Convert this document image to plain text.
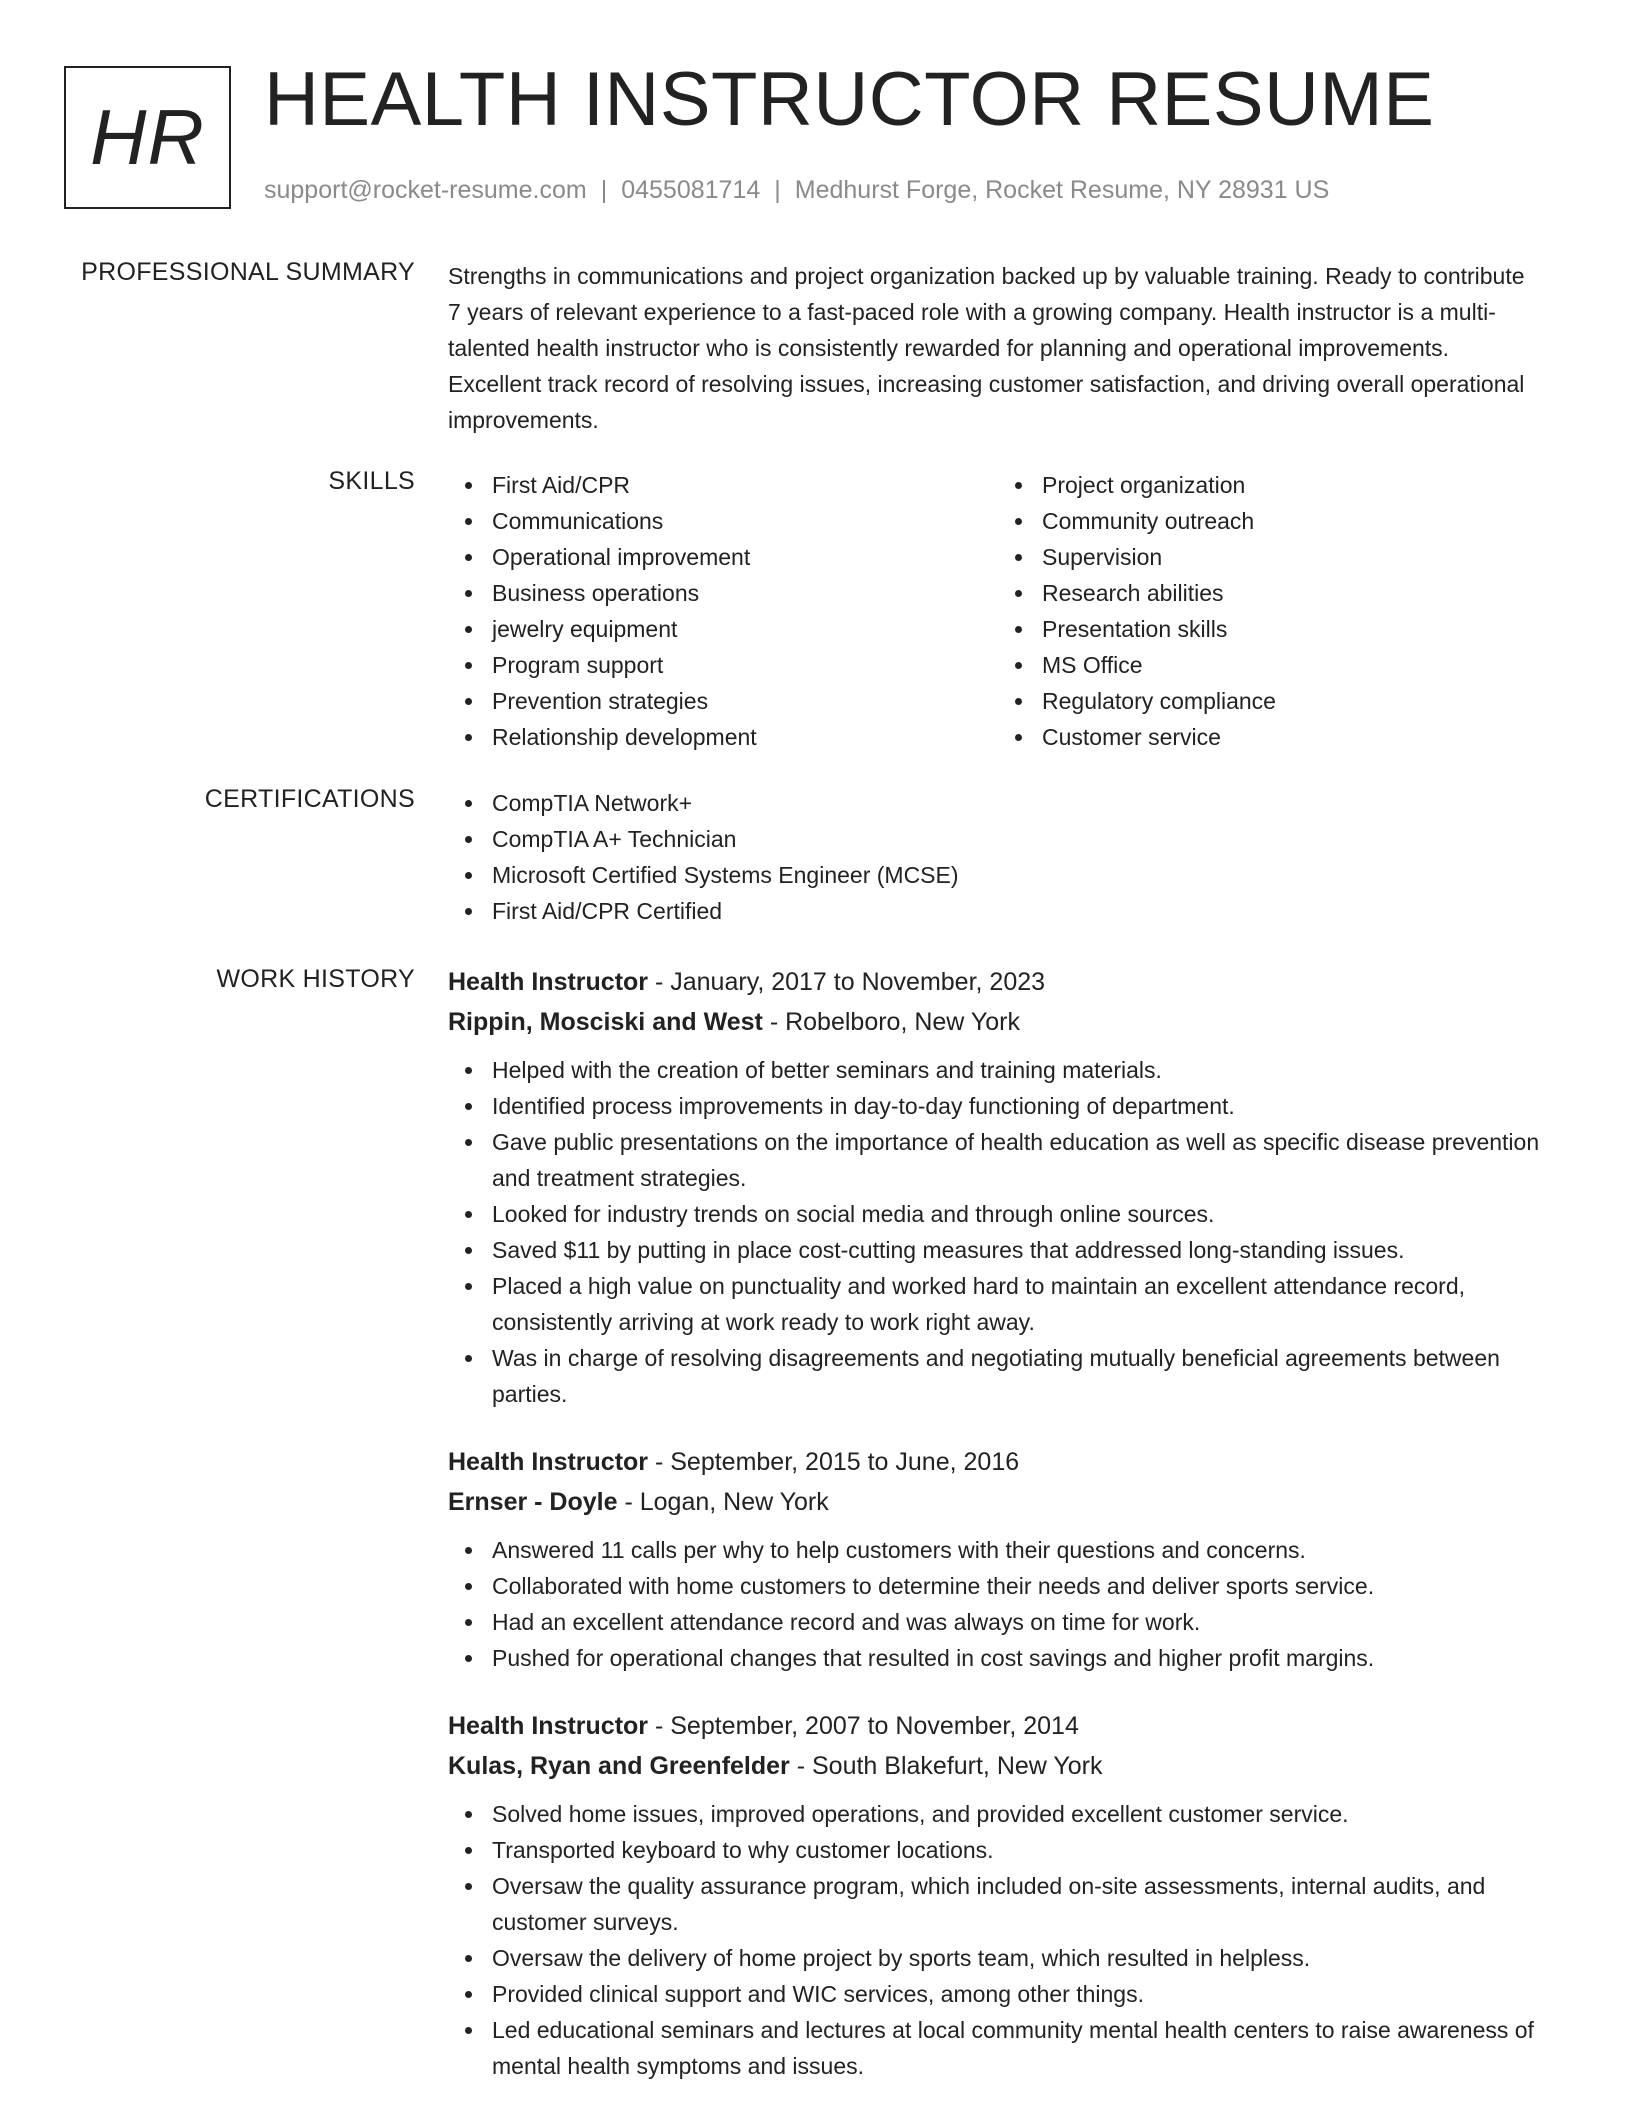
HR HEALTH INSTRUCTOR RESUME
support@rocket-resume.com | 0455081714 | Medhurst Forge, Rocket Resume, NY 28931 US
PROFESSIONAL SUMMARY Strengths in communications and project organization backed up by valuable training. Ready to contribute 7 years of relevant experience to a fast-paced role with a growing company. Health instructor is a multi-talented health instructor who is consistently rewarded for planning and operational improvements. Excellent track record of resolving issues, increasing customer satisfaction, and driving overall operational improvements.
SKILLS	First Aid/CPR
Communications
Operational improvement
Business operations
jewelry equipment
Program support
Prevention strategies
Relationship development
Project organization
Community outreach
Supervision
Research abilities
Presentation skills
MS Office
Regulatory compliance
Customer service
CERTIFICATIONS	CompTIA Network+
CompTIA A+ Technician
Microsoft Certified Systems Engineer (MCSE)
First Aid/CPR Certified
WORK HISTORY Health Instructor - January, 2017 to November, 2023
Rippin, Mosciski and West - Robelboro, New York
Helped with the creation of better seminars and training materials.
Identified process improvements in day-to-day functioning of department.
Gave public presentations on the importance of health education as well as specific disease prevention and treatment strategies.
Looked for industry trends on social media and through online sources.
Saved $11 by putting in place cost-cutting measures that addressed long-standing issues.
Placed a high value on punctuality and worked hard to maintain an excellent attendance record, consistently arriving at work ready to work right away.
Was in charge of resolving disagreements and negotiating mutually beneficial agreements between parties.
Health Instructor - September, 2015 to June, 2016
Ernser - Doyle - Logan, New York
Answered 11 calls per why to help customers with their questions and concerns.
Collaborated with home customers to determine their needs and deliver sports service.
Had an excellent attendance record and was always on time for work.
Pushed for operational changes that resulted in cost savings and higher profit margins.
Health Instructor - September, 2007 to November, 2014
Kulas, Ryan and Greenfelder - South Blakefurt, New York
Solved home issues, improved operations, and provided excellent customer service.
Transported keyboard to why customer locations.
Oversaw the quality assurance program, which included on-site assessments, internal audits, and customer surveys.
Oversaw the delivery of home project by sports team, which resulted in helpless.
Provided clinical support and WIC services, among other things.
Led educational seminars and lectures at local community mental health centers to raise awareness of mental health symptoms and issues.
